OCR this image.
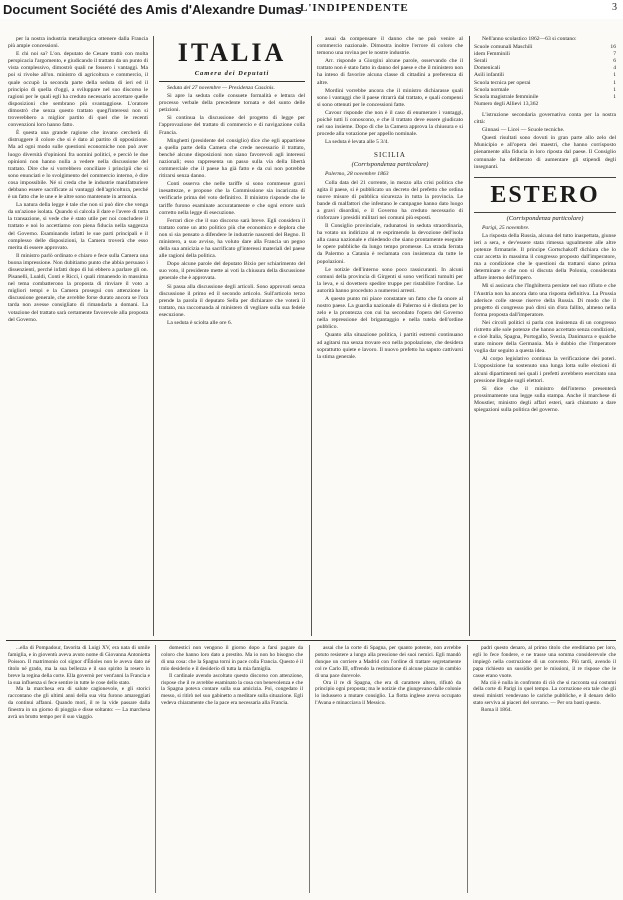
Document Société des Amis d'Alexandre Dumas
L'INDIPENDENTE	3

per la nostra industria metallurgica ottenere dalla Francia più ampie concessioni.

E chi noi sa? L'on. deputato de Cesare trattò con molta perspicacia l'argomento, e giudicando il trattato da un punto di vista complessivo, dimostrò quali ne fossero i vantaggi. Ma poi si rivolse all'on. ministro di agricoltura e commercio, il quale occupò la seconda parte della seduta di ieri ed il principio di quella d'oggi, a sviluppare nel suo discorso le ragioni per le quali egli ha creduto necessario accettare quelle disposizioni che sembrano più svantaggiose. L'oratore dimostrò che senza questo trattato quegl'interessi non si troverebbero a miglior partito di quel che le recenti convenzioni loro hanno fatto.

È questa una grande ragione che invano cercherà di distruggere il colore che si è dato al partito di opposizione. Ma ad ogni modo sulle questioni economiche non può aver luogo diversità d'opinioni fra uomini politici, e perciò le due opinioni non hanno nulla a vedere nella discussione del trattato. Dire che si vorrebbero conciliare i principii che si sono enunciati e lo svolgimento del commercio interno, è dire cosa impossibile. Né si creda che le industrie manifatturiere debbano essere sacrificate ai vantaggi dell'agricoltura, perché è un fatto che le une e le altre sono mantenute in armonia.

La natura della legge è tale che non si può dire che venga da un'azione isolata. Quando si calcola il dare e l'avere di tutta la transazione, si vede che è stato utile per noi concludere il trattato e noi lo accettiamo con piena fiducia nella saggezza del Governo. Esaminando infatti le sue parti principali e il complesso delle disposizioni, la Camera troverà che esso merita di essere approvato.

Il ministro parlò ordinato e chiaro e fece sulla Camera una buona impressione. Non dubitiamo punto che abbia persuaso i dissenzienti, perché infatti dopo di lui ebbero a parlare gli on. Pisanelli, Lualdi, Conti e Ricci, i quali rimanendo in massima nel tema combatterono la proposta di rinviare il voto a migliori tempi e la Camera proseguì con attenzione la discussione generale, che avrebbe forse durato ancora se l'ora tarda non avesse consigliato di rimandarla a domani. La votazione del trattato sarà certamente favorevole alla proposta del Governo.

ITALIA
Camera dei Deputati

Seduta del 27 novembre — Presidenza Cassinis.

Si apre la seduta colle consuete formalità e lettura del processo verbale della precedente tornata e del sunto delle petizioni.

Si continua la discussione del progetto di legge per l'approvazione del trattato di commercio e di navigazione colla Francia.

Minghetti (presidente del consiglio) dice che egli appartiene a quella parte della Camera che crede necessario il trattato, benché alcune disposizioni non siano favorevoli agli interessi nazionali; esso rappresenta un passo sulla via della libertà commerciale che il paese ha già fatto e da cui non potrebbe ritirarsi senza danno.

Conti osserva che nelle tariffe si sono commesse gravi inesattezze, e propone che la Commissione sia incaricata di verificarle prima del voto definitivo. Il ministro risponde che le tariffe furono esaminate accuratamente e che ogni errore sarà corretto nella legge di esecuzione.

Ferrari dice che il suo discorso sarà breve. Egli considera il trattato come un atto politico più che economico e deplora che non si sia pensato a difendere le industrie nascenti del Regno. Il ministero, a suo avviso, ha voluto dare alla Francia un pegno della sua amicizia e ha sacrificato gl'interessi materiali del paese alle ragioni della politica.

Dopo alcune parole del deputato Bixio per schiarimento del suo voto, il presidente mette ai voti la chiusura della discussione generale che è approvata.

Si passa alla discussione degli articoli. Sono approvati senza discussione il primo ed il secondo articolo. Sull'articolo terzo prende la parola il deputato Sella per dichiarare che voterà il trattato, ma raccomanda al ministero di vegliare sulla sua fedele esecuzione.

La seduta è sciolta alle ore 6.

assai da compensare il danno che ne può venire al commercio nazionale. Dimostra inoltre l'errore di coloro che temono una rovina per le nostre industrie.

Arr. risponde a Giorgini alcune parole, osservando che il trattato non è stato fatto in danno del paese e che il ministero non ha inteso di favorire alcuna classe di cittadini a preferenza di altre.

Mordini vorrebbe ancora che il ministro dichiarasse quali sono i vantaggi che il paese ritrarrà dal trattato, e quali compensi si sono ottenuti per le concessioni fatte.

Cavour risponde che non è il caso di enumerare i vantaggi, poiché tutti li conoscono, e che il trattato deve essere giudicato nel suo insieme. Dopo di che la Camera approva la chiusura e si procede alla votazione per appello nominale.

La seduta è levata alle 5 3/4.

SICILIA
(Corrispondenza particolare)

Palermo, 28 novembre 1863

Colla data del 21 corrente, in mezzo alla crisi politica che agita il paese, si è pubblicato un decreto del prefetto che ordina nuove misure di pubblica sicurezza in tutta la provincia. Le bande di malfattori che infestano le campagne hanno dato luogo a gravi disordini, e il Governo ha creduto necessario di rinforzare i presidii militari nei comuni più esposti.

Il Consiglio provinciale, radunatosi in seduta straordinaria, ha votato un indirizzo al re esprimendo la devozione dell'isola alla causa nazionale e chiedendo che siano prontamente eseguite le opere pubbliche da lungo tempo promesse. La strada ferrata da Palermo a Catania è reclamata con insistenza da tutte le popolazioni.

Le notizie dell'interno sono poco rassicuranti. In alcuni comuni della provincia di Girgenti si sono verificati tumulti per la leva, e si dovettero spedire truppe per ristabilire l'ordine. Le autorità hanno proceduto a numerosi arresti.

A questo punto mi piace constatare un fatto che fa onore al nostro paese. La guardia nazionale di Palermo si è distinta per lo zelo e la prontezza con cui ha secondato l'opera del Governo nella repressione del brigantaggio e nella tutela dell'ordine pubblico.

Quanto alla situazione politica, i partiti estremi continuano ad agitarsi ma senza trovare eco nella popolazione, che desidera soprattutto quiete e lavoro. Il nuovo prefetto ha saputo cattivarsi la stima generale.

Nell'anno scolastico 1862—63 si contano:

Scuole comunali Maschili	16
idem Femminili	7
Serali	6
Domenicali	4
Asili infantili	1
Scuola tecnica per operai	1
Scuola normale	1
Scuola magistrale femminile	1
Numero degli Allievi 13,362	

L'istruzione secondaria governativa conta per la nostra città:

Ginnasi — Licei — Scuole tecniche.

Questi risultati sono dovuti in gran parte allo zelo del Municipio e all'opera dei maestri, che hanno corrisposto pienamente alla fiducia in loro riposta dal paese. Il Consiglio comunale ha deliberato di aumentare gli stipendi degli insegnanti.

ESTERO
(Corrispondenza particolare)

Parigi, 25 novembre.

La risposta della Russia, alcuna del tutto inaspettata, giunse ieri a sera, e dev'essere stata rimessa ugualmente alle altre potenze firmatarie. Il principe Gortschakoff dichiara che lo czar accetta in massima il congresso proposto dall'imperatore, ma a condizione che le questioni da trattarsi siano prima determinate e che non si discuta della Polonia, considerata affare interno dell'impero.

Mi si assicura che l'Inghilterra persiste nel suo rifiuto e che l'Austria non ha ancora dato una risposta definitiva. La Prussia aderisce colle stesse riserve della Russia. Di modo che il progetto di congresso può dirsi sin d'ora fallito, almeno nella forma proposta dall'imperatore.

Nei circoli politici si parla con insistenza di un congresso ristretto alle sole potenze che hanno accettato senza condizioni, e cioè Italia, Spagna, Portogallo, Svezia, Danimarca e qualche stato minore della Germania. Ma è dubbio che l'imperatore voglia dar seguito a questa idea.

Al corpo legislativo continua la verificazione dei poteri. L'opposizione ha sostenuto una lunga lotta sulle elezioni di alcuni dipartimenti nei quali i prefetti avrebbero esercitato una pressione illegale sugli elettori.

Si dice che il ministro dell'interno presenterà prossimamente una legge sulla stampa. Anche il marchese di Moustier, ministro degli affari esteri, sarà chiamato a dare spiegazioni sulla politica del governo.

...ella di Pompadour, favorita di Luigi XV, era nata di umile famiglia, e in gioventù aveva avuto nome di Giovanna Antonietta Poisson. Il matrimonio col signor d'Étioles non le aveva dato né titolo né grado, ma la sua bellezza e il suo spirito la resero in breve la regina della corte. Ella governò per vent'anni la Francia e la sua influenza si fece sentire in tutte le cose dello stato.

Ma la marchesa era di salute cagionevole, e gli storici raccontano che gli ultimi anni della sua vita furono amareggiati da continui affanni. Quando morì, il re la vide passare dalla finestra in un giorno di pioggia e disse soltanto: — La marchesa avrà un brutto tempo per il suo viaggio.

domestici non vengono il giorno dopo a farsi pagare da coloro che hanno loro dato a prestito. Ma io non ho bisogno che di una cosa: che la Spagna torni in pace colla Francia. Questo è il mio desiderio e il desiderio di tutta la mia famiglia.

Il cardinale avendo ascoltato questo discorso con attenzione, rispose che il re avrebbe esaminato la cosa con benevolenza e che la Spagna poteva contare sulla sua amicizia. Poi, congedato il messo, si ritirò nel suo gabinetto a meditare sulla situazione. Egli vedeva chiaramente che la pace era necessaria alla Francia.

assai che la corte di Spagna, per quanto potente, non avrebbe potuto resistere a lungo alla pressione dei suoi nemici. Egli mandò dunque un corriere a Madrid con l'ordine di trattare segretamente col re Carlo III, offrendo la restituzione di alcune piazze in cambio di una pace durevole.

Ora il re di Spagna, che era di carattere altero, rifiutò da principio ogni proposta; ma le notizie che giungevano dalle colonie lo indussero a mutare consiglio. La flotta inglese aveva occupato l'Avana e minacciava il Messico.

padri questo denaro, al primo titolo che ereditiamo per loro, egli lo fece fondere, e ne trasse una somma considerevole che impiegò nella costruzione di un convento. Più tardi, avendo il papa richiesto un sussidio per le missioni, il re rispose che le casse erano vuote.

Ma ciò è nulla in confronto di ciò che si racconta sui costumi della corte di Parigi in quel tempo. La corruzione era tale che gli stessi ministri vendevano le cariche pubbliche, e il denaro dello stato serviva ai piaceri del sovrano. — Per ora basti questo.

Roma il 1864.
